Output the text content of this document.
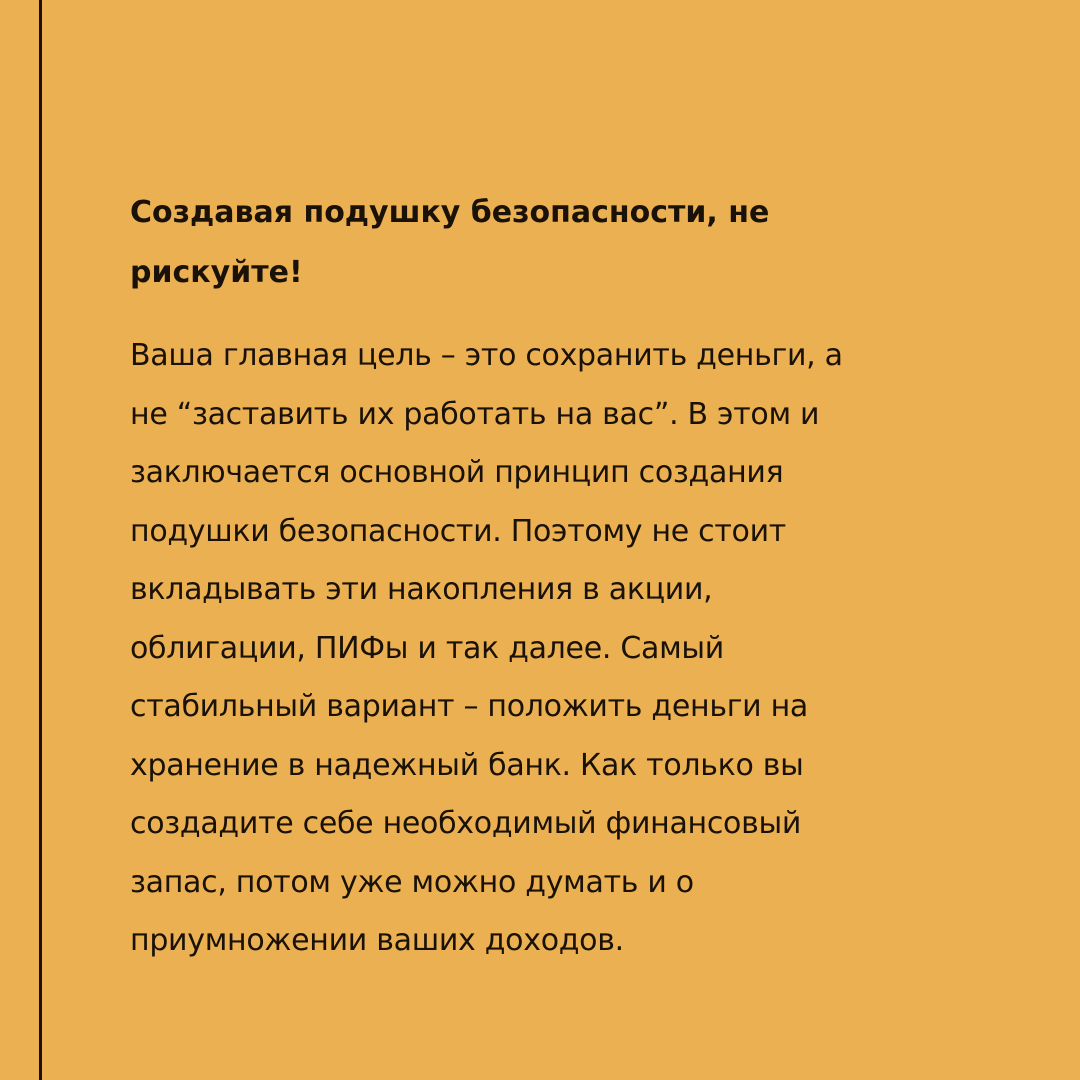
Создавая подушку безопасности, не
рискуйте!

Ваша главная цель – это сохранить деньги, а
не “заставить их работать на вас”. В этом и
заключается основной принцип создания
подушки безопасности. Поэтому не стоит
вкладывать эти накопления в акции,
облигации, ПИФы и так далее. Самый
стабильный вариант – положить деньги на
хранение в надежный банк. Как только вы
создадите себе необходимый финансовый
запас, потом уже можно думать и о
приумножении ваших доходов.
